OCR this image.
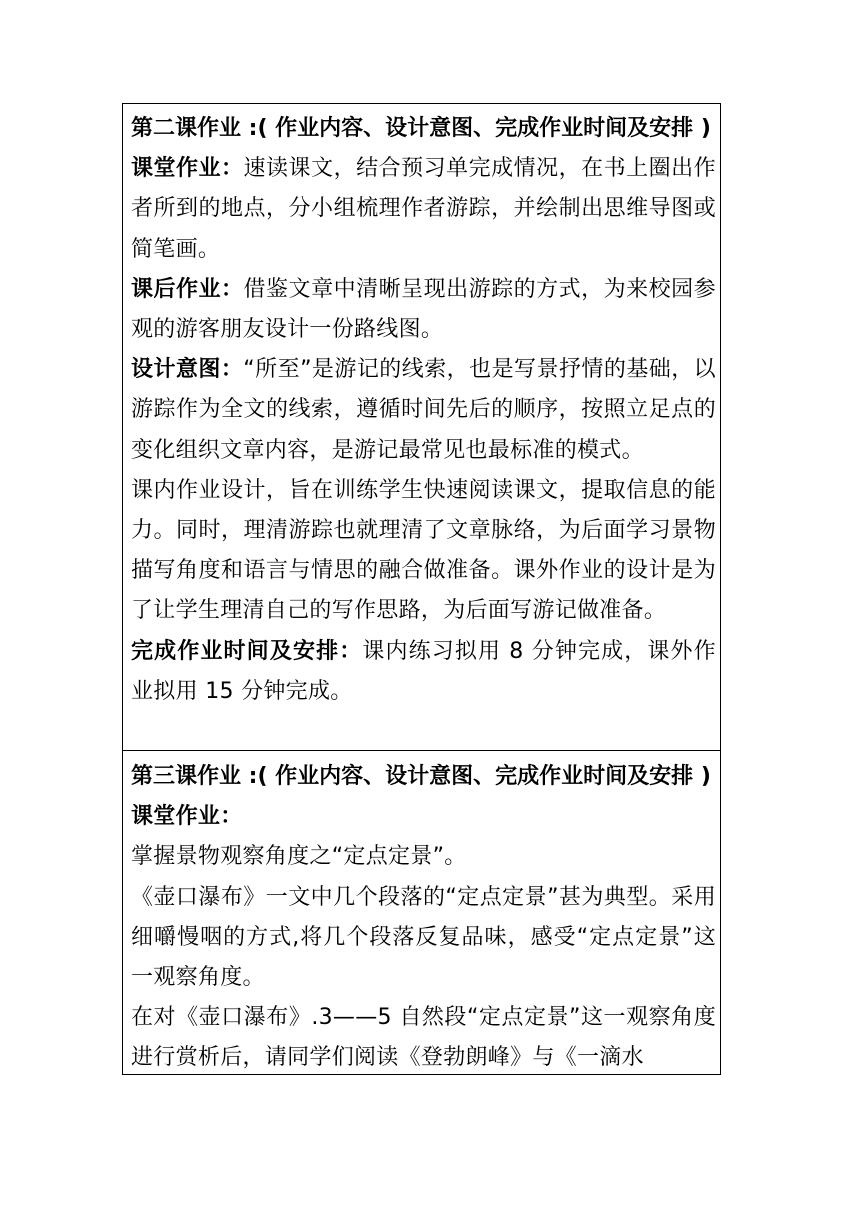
第二课作业 :( 作业内容、设计意图、完成作业时间及安排 )

课堂作业：速读课文，结合预习单完成情况，在书上圈出作者所到的地点，分小组梳理作者游踪，并绘制出思维导图或简笔画。

课后作业：借鉴文章中清晰呈现出游踪的方式，为来校园参观的游客朋友设计一份路线图。

设计意图：“所至”是游记的线索，也是写景抒情的基础，以游踪作为全文的线索，遵循时间先后的顺序，按照立足点的变化组织文章内容，是游记最常见也最标准的模式。

课内作业设计，旨在训练学生快速阅读课文，提取信息的能力。同时，理清游踪也就理清了文章脉络，为后面学习景物描写角度和语言与情思的融合做准备。课外作业的设计是为了让学生理清自己的写作思路，为后面写游记做准备。

完成作业时间及安排：课内练习拟用 8 分钟完成，课外作业拟用 15 分钟完成。

第三课作业 :( 作业内容、设计意图、完成作业时间及安排 )

课堂作业：

掌握景物观察角度之“定点定景”。

《壶口瀑布》一文中几个段落的“定点定景”甚为典型。采用细嚼慢咽的方式,将几个段落反复品味，感受“定点定景”这一观察角度。

在对《壶口瀑布》.3——5 自然段“定点定景”这一观察角度进行赏析后，请同学们阅读《登勃朗峰》与《一滴水
